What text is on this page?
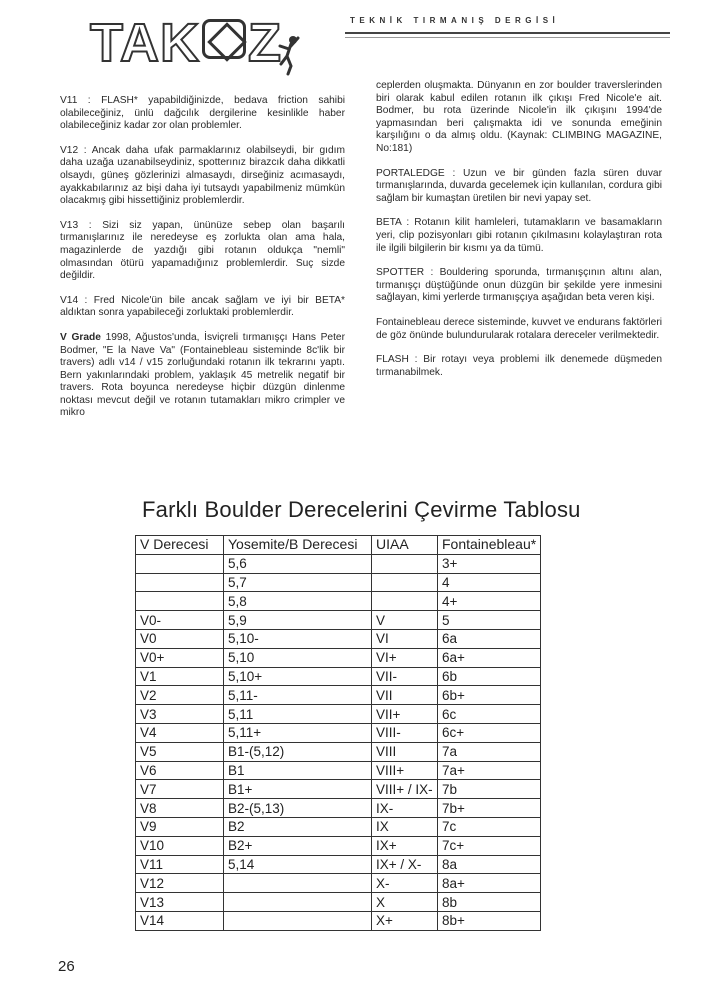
TAK Z	TEKNİK TIRMANIŞ DERGİSİ

V11 : FLASH* yapabildiğinizde, bedava friction sahibi olabileceğiniz, ünlü dağcılık dergilerine kesinlikle haber olabileceğiniz kadar zor olan problemler.

V12 : Ancak daha ufak parmaklarınız olabilseydi, bir gıdım daha uzağa uzanabilseydiniz, spotterınız birazcık daha dikkatli olsaydı, güneş gözlerinizi almasaydı, dirseğiniz acımasaydı, ayakkabılarınız az bişi daha iyi tutsaydı yapabilmeniz mümkün olacakmış gibi hissettiğiniz problemlerdir.

V13 : Sizi siz yapan, ününüze sebep olan başarılı tırmanışlarınız ile neredeyse eş zorlukta olan ama hala, magazinlerde de yazdığı gibi rotanın oldukça "nemli" olmasından ötürü yapamadığınız problemlerdir. Suç sizde değildir.

V14 : Fred Nicole'ün bile ancak sağlam ve iyi bir BETA* aldıktan sonra yapabileceği zorluktaki problemlerdir.

V Grade 1998, Ağustos'unda, İsviçreli tırmanışçı Hans Peter Bodmer, "E la Nave Va" (Fontainebleau sisteminde 8c'lik bir travers) adlı v14 / v15 zorluğundaki rotanın ilk tekrarını yaptı. Bern yakınlarındaki problem, yaklaşık 45 metrelik negatif bir travers. Rota boyunca neredeyse hiçbir düzgün dinlenme noktası mevcut değil ve rotanın tutamakları mikro crimpler ve mikro

ceplerden oluşmakta. Dünyanın en zor boulder traverslerinden biri olarak kabul edilen rotanın ilk çıkışı Fred Nicole'e ait. Bodmer, bu rota üzerinde Nicole'in ilk çıkışını 1994'de yapmasından beri çalışmakta idi ve sonunda emeğinin karşılığını o da almış oldu. (Kaynak: CLIMBING MAGAZINE, No:181)

PORTALEDGE : Uzun ve bir günden fazla süren duvar tırmanışlarında, duvarda gecelemek için kullanılan, cordura gibi sağlam bir kumaştan üretilen bir nevi yapay set.

BETA : Rotanın kilit hamleleri, tutamakların ve basamakların yeri, clip pozisyonları gibi rotanın çıkılmasını kolaylaştıran rota ile ilgili bilgilerin bir kısmı ya da tümü.

SPOTTER : Bouldering sporunda, tırmanışçının altını alan, tırmanışçı düştüğünde onun düzgün bir şekilde yere inmesini sağlayan, kimi yerlerde tırmanışçıya aşağıdan beta veren kişi.

Fontainebleau derece sisteminde, kuvvet ve endurans faktörleri de göz önünde bulundurularak rotalara dereceler verilmektedir.

FLASH : Bir rotayı veya problemi ilk denemede düşmeden tırmanabilmek.

Farklı Boulder Derecelerini Çevirme Tablosu
V Derecesi	Yosemite/B Derecesi	UIAA	Fontainebleau*
	5,6		3+
	5,7		4
	5,8		4+
V0-	5,9	V	5
V0	5,10-	VI	6a
V0+	5,10	VI+	6a+
V1	5,10+	VII-	6b
V2	5,11-	VII	6b+
V3	5,11	VII+	6c
V4	5,11+	VIII-	6c+
V5	B1-(5,12)	VIII	7a
V6	B1	VIII+	7a+
V7	B1+	VIII+ / IX-	7b
V8	B2-(5,13)	IX-	7b+
V9	B2	IX	7c
V10	B2+	IX+	7c+
V11	5,14	IX+ / X-	8a
V12		X-	8a+
V13		X	8b
V14		X+	8b+
26
